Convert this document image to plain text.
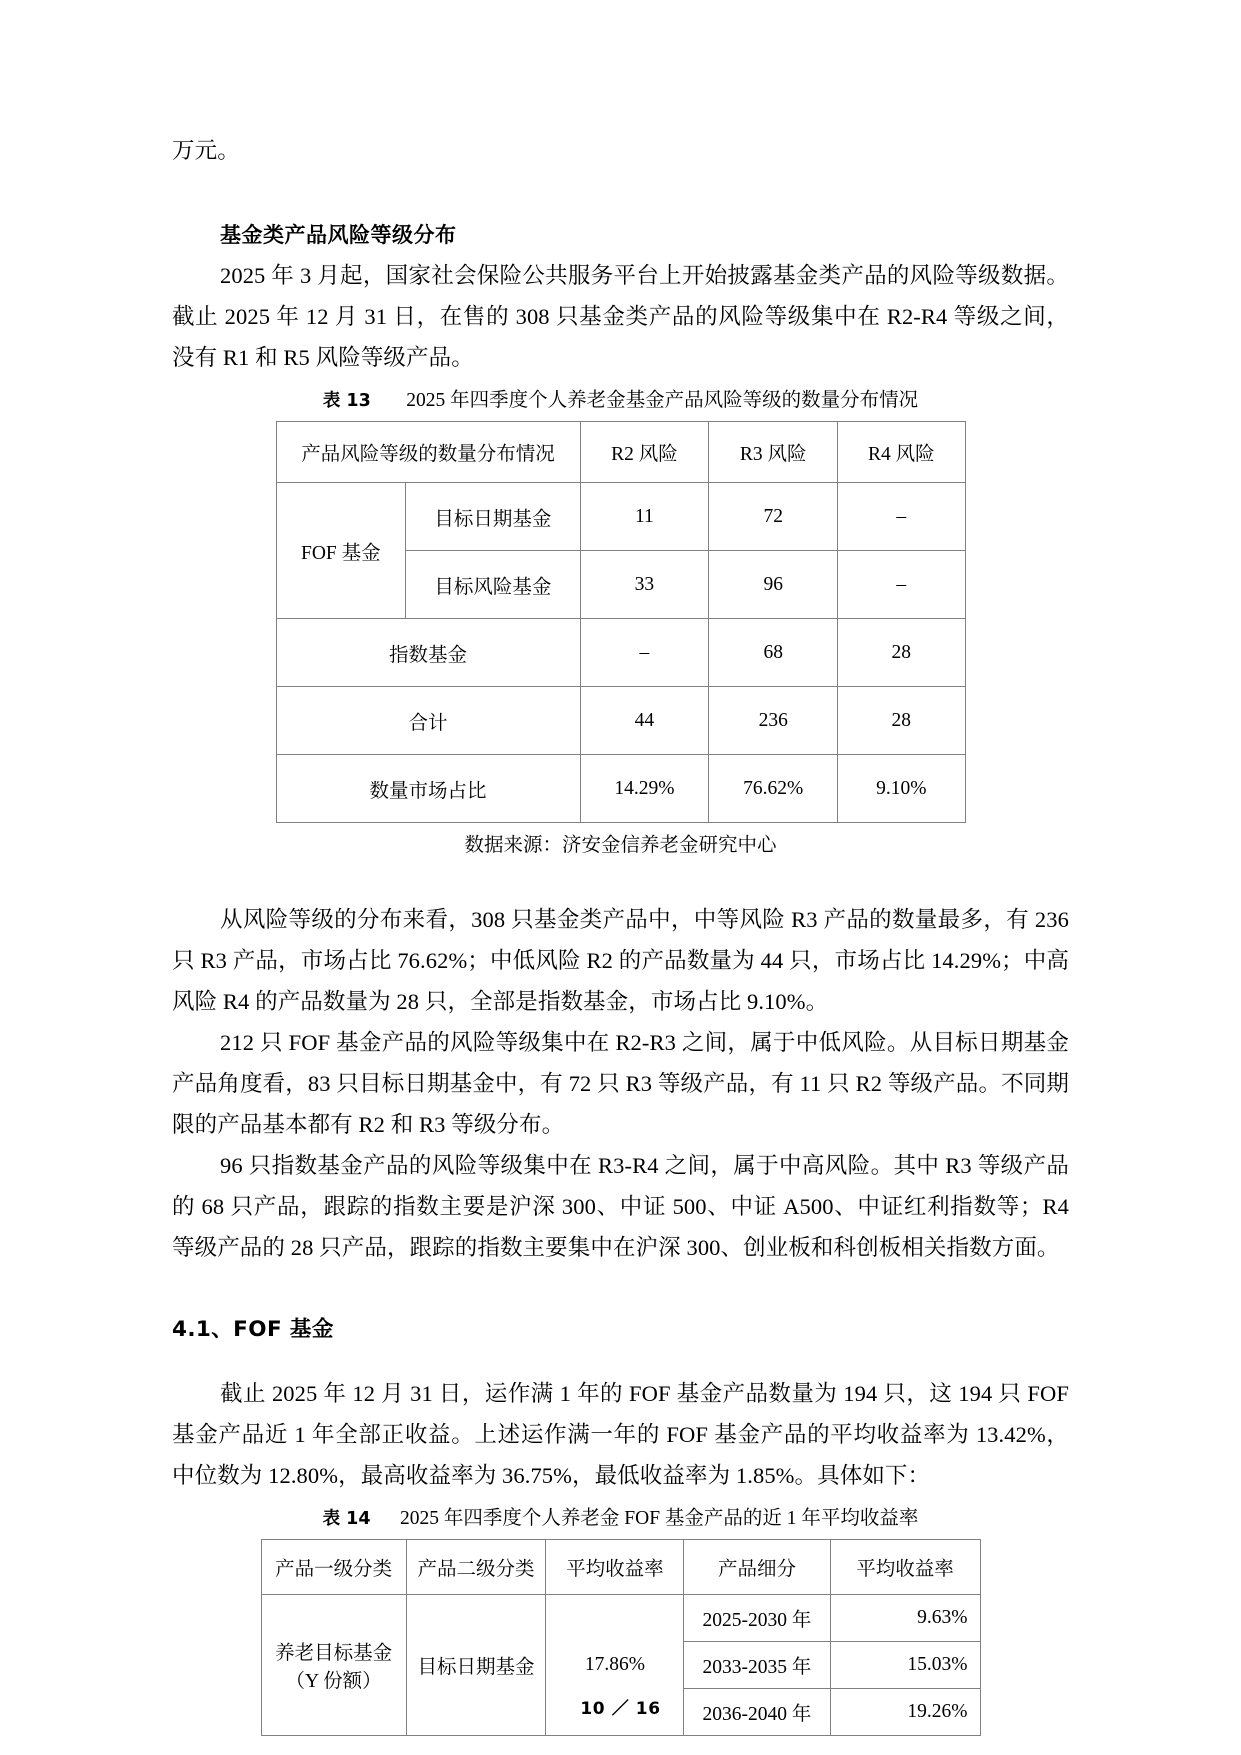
万元。

基金类产品风险等级分布

2025 年 3 月起，国家社会保险公共服务平台上开始披露基金类产品的风险等级数据。截止 2025 年 12 月 31 日，在售的 308 只基金类产品的风险等级集中在 R2-R4 等级之间，没有 R1 和 R5 风险等级产品。

表 13 2025 年四季度个人养老金基金产品风险等级的数量分布情况
产品风险等级的数量分布情况		R2 风险	R3 风险	R4 风险
FOF 基金	目标日期基金	11	72	–
	目标风险基金	33	96	–
指数基金		–	68	28
合计		44	236	28
数量市场占比		14.29%	76.62%	9.10%

数据来源：济安金信养老金研究中心

从风险等级的分布来看，308 只基金类产品中，中等风险 R3 产品的数量最多，有 236 只 R3 产品，市场占比 76.62%；中低风险 R2 的产品数量为 44 只，市场占比 14.29%；中高风险 R4 的产品数量为 28 只，全部是指数基金，市场占比 9.10%。

212 只 FOF 基金产品的风险等级集中在 R2-R3 之间，属于中低风险。从目标日期基金产品角度看，83 只目标日期基金中，有 72 只 R3 等级产品，有 11 只 R2 等级产品。不同期限的产品基本都有 R2 和 R3 等级分布。

96 只指数基金产品的风险等级集中在 R3-R4 之间，属于中高风险。其中 R3 等级产品的 68 只产品，跟踪的指数主要是沪深 300、中证 500、中证 A500、中证红利指数等；R4 等级产品的 28 只产品，跟踪的指数主要集中在沪深 300、创业板和科创板相关指数方面。

4.1、FOF 基金

截止 2025 年 12 月 31 日，运作满 1 年的 FOF 基金产品数量为 194 只，这 194 只 FOF 基金产品近 1 年全部正收益。上述运作满一年的 FOF 基金产品的平均收益率为 13.42%，中位数为 12.80%，最高收益率为 36.75%，最低收益率为 1.85%。具体如下：

表 14 2025 年四季度个人养老金 FOF 基金产品的近 1 年平均收益率
产品一级分类	产品二级分类	平均收益率	产品细分	平均收益率

养老目标基金
（Y 份额）	目标日期基金	17.86%	2025-2030 年	9.63%
			2033-2035 年	15.03%
			2036-2040 年	19.26%
10 ／ 16
